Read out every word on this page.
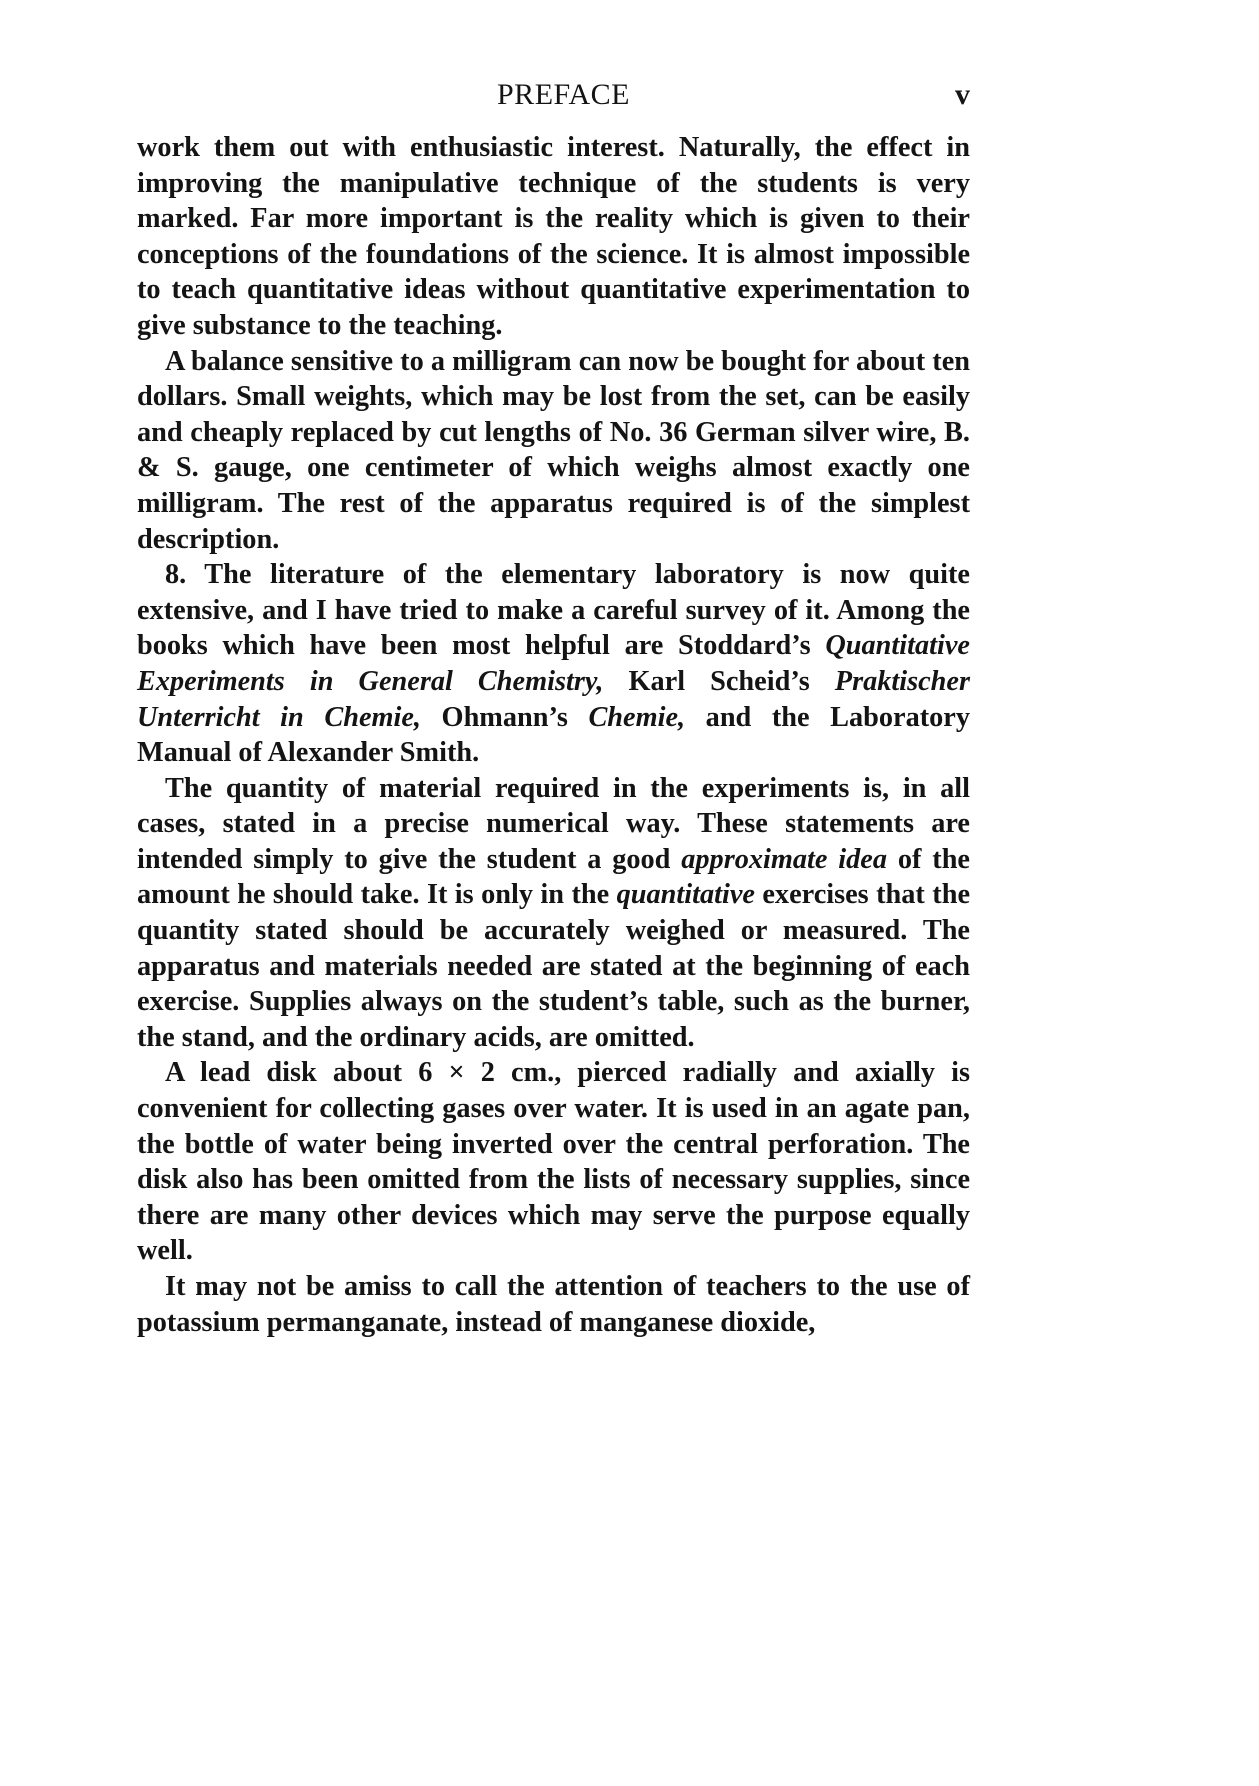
PREFACE	v

work them out with enthusiastic interest. Naturally, the effect in improving the manipulative technique of the students is very marked. Far more important is the reality which is given to their conceptions of the foundations of the science. It is almost impossible to teach quantitative ideas without quantitative experimentation to give substance to the teaching.

A balance sensitive to a milligram can now be bought for about ten dollars. Small weights, which may be lost from the set, can be easily and cheaply replaced by cut lengths of No. 36 German silver wire, B. & S. gauge, one centimeter of which weighs almost exactly one milligram. The rest of the apparatus required is of the simplest description.

8. The literature of the elementary laboratory is now quite extensive, and I have tried to make a careful survey of it. Among the books which have been most helpful are Stoddard’s Quantitative Experiments in General Chemistry, Karl Scheid’s Praktischer Unterricht in Chemie, Ohmann’s Chemie, and the Laboratory Manual of Alexander Smith.

The quantity of material required in the experiments is, in all cases, stated in a precise numerical way. These statements are intended simply to give the student a good approximate idea of the amount he should take. It is only in the quantitative exercises that the quantity stated should be accurately weighed or measured. The apparatus and materials needed are stated at the beginning of each exercise. Supplies always on the student’s table, such as the burner, the stand, and the ordinary acids, are omitted.

A lead disk about 6 × 2 cm., pierced radially and axially is convenient for collecting gases over water. It is used in an agate pan, the bottle of water being inverted over the central perforation. The disk also has been omitted from the lists of necessary supplies, since there are many other devices which may serve the purpose equally well.

It may not be amiss to call the attention of teachers to the use of potassium permanganate, instead of manganese dioxide,
